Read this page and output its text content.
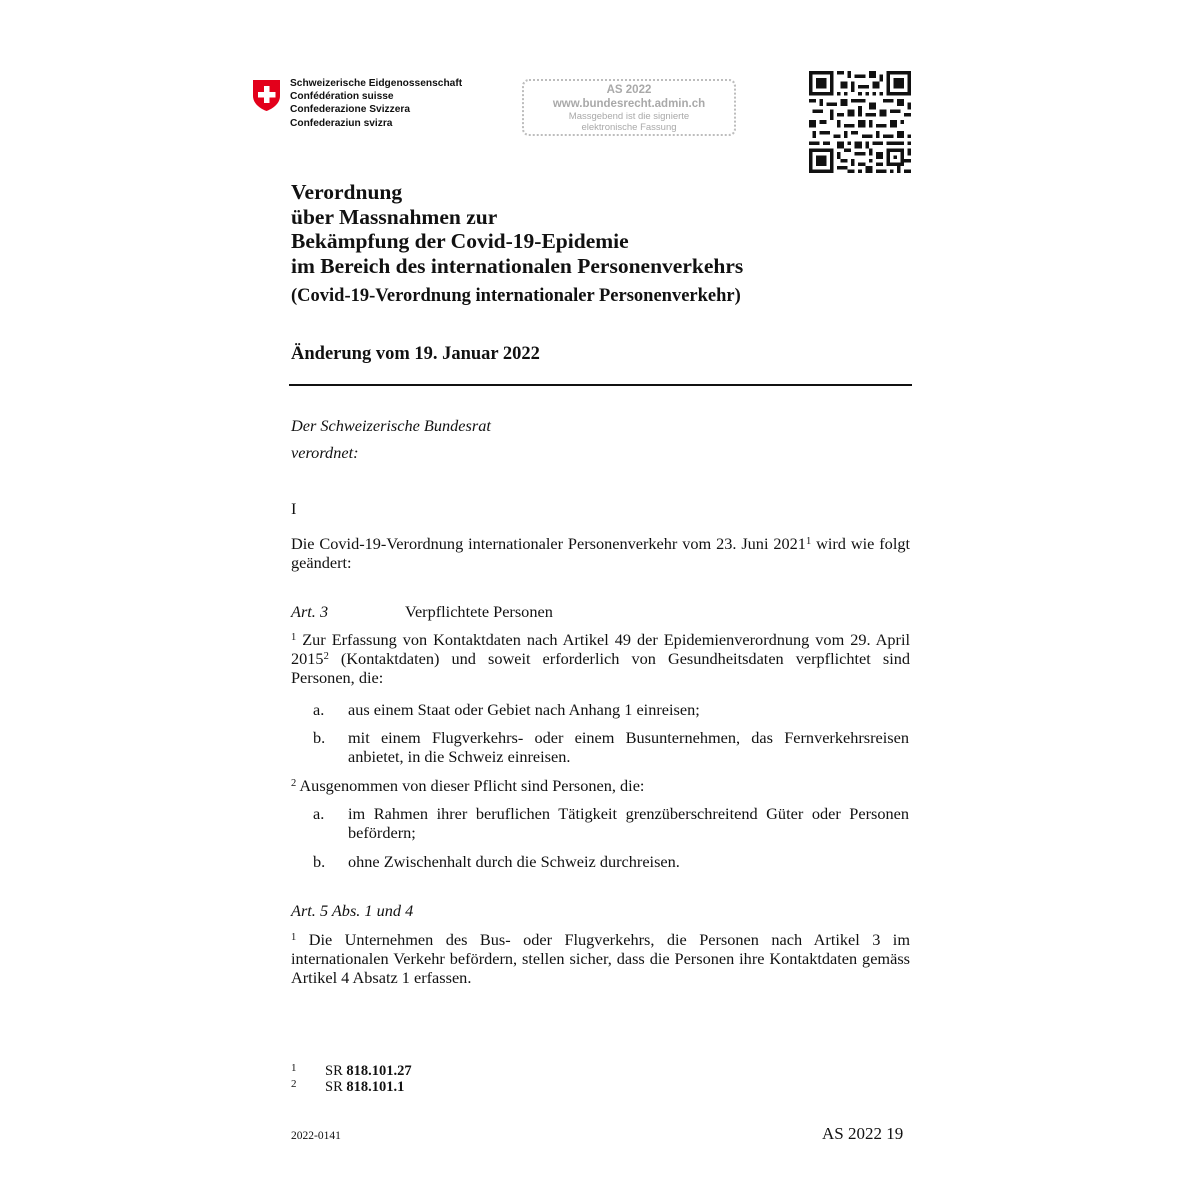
Schweizerische Eidgenossenschaft
Confédération suisse
Confederazione Svizzera
Confederaziun svizra
AS 2022
www.bundesrecht.admin.ch
Massgebend ist die signierte
elektronische Fassung
Verordnung
über Massnahmen zur
Bekämpfung der Covid-19-Epidemie
im Bereich des internationalen Personenverkehrs
(Covid-19-Verordnung internationaler Personenverkehr)
Änderung vom 19. Januar 2022
Der Schweizerische Bundesrat
verordnet:
I
Die Covid-19-Verordnung internationaler Personenverkehr vom 23. Juni 2021$^1$ wird wie folgt geändert:
Art. 3	Verpflichtete Personen
$^1$ Zur Erfassung von Kontaktdaten nach Artikel 49 der Epidemienverordnung vom 29. April 2015$^2$ (Kontaktdaten) und soweit erforderlich von Gesundheitsdaten verpflichtet sind Personen, die:
a. aus einem Staat oder Gebiet nach Anhang 1 einreisen;
b. mit einem Flugverkehrs- oder einem Busunternehmen, das Fernverkehrsreisen anbietet, in die Schweiz einreisen.
$^2$ Ausgenommen von dieser Pflicht sind Personen, die:
a. im Rahmen ihrer beruflichen Tätigkeit grenzüberschreitend Güter oder Personen befördern;
b. ohne Zwischenhalt durch die Schweiz durchreisen.
Art. 5 Abs. 1 und 4
$^1$ Die Unternehmen des Bus- oder Flugverkehrs, die Personen nach Artikel 3 im internationalen Verkehr befördern, stellen sicher, dass die Personen ihre Kontaktdaten gemäss Artikel 4 Absatz 1 erfassen.
1 SR 818.101.27
2 SR 818.101.1
2022-0141	AS 2022 19
